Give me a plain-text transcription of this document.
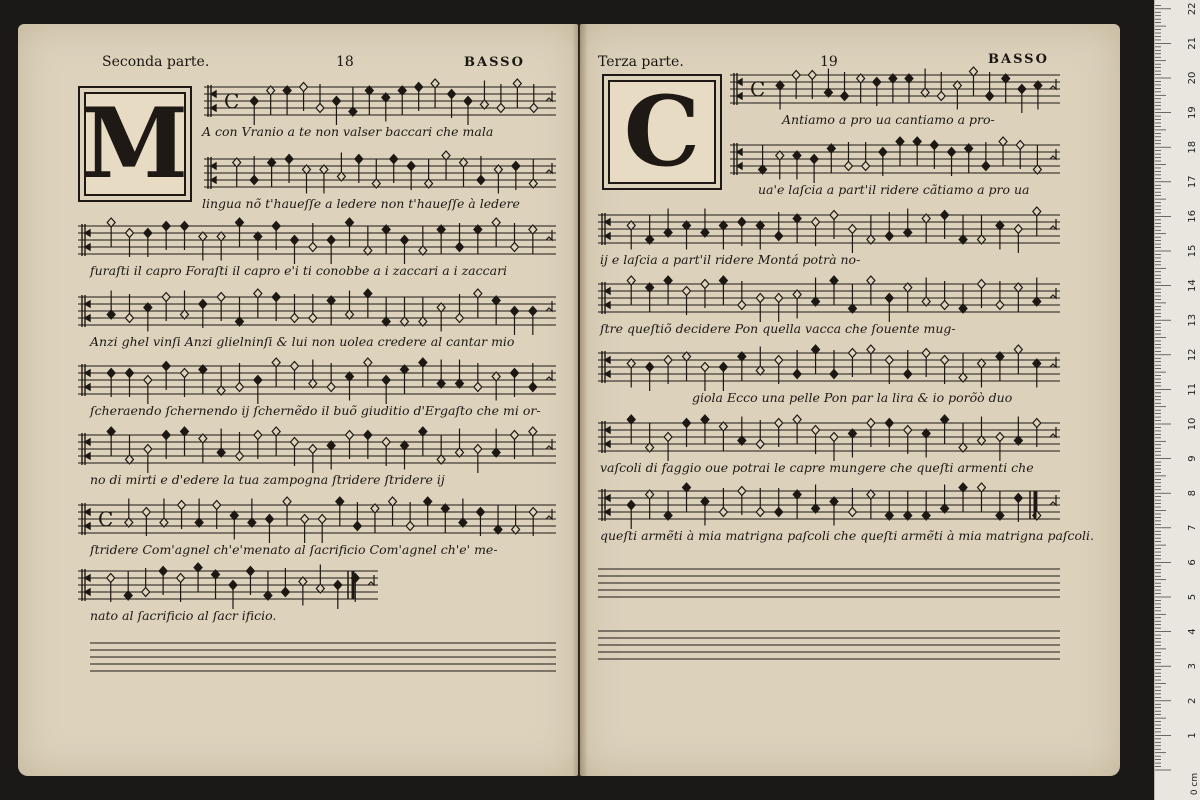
1
2
3
4
5
6
7
8
9
10
11
12
13
14
15
16
17
18
19
20
21
22
0 cm
Seconda parte.	18	BASSO
M C
A con Vranio a te non valser baccari che mala
lingua nõ t'haueſſe a ledere non t'haueſſe à ledere
furaſti il capro Foraſti il capro e'i ti conobbe a i zaccari a i zaccari
Anzi ghel vinſi Anzi glielninſi & lui non uolea credere al cantar mio
ſcheraendo ſchernendo ij ſchernẽdo il buõ giuditio d'Ergaſto che mi or-
no di mirti e d'edere la tua zampogna ſtridere ſtridere ij
C
ſtridere Com'agnel ch'e'menato al ſacrificio Com'agnel ch'e' me-
nato al ſacrificio al ſacr ificio.
Terza parte.	19	BASSO
C C
Antiamo a pro ua cantiamo a pro-
ua'e laſcia a part'il ridere cãtiamo a pro ua
ij e laſcia a part'il ridere Montá potrà no-
ſtre queſtiõ decidere Pon quella vacca che ſouente mug-
giola Ecco una pelle Pon par la lira & io porõò duo
vaſcoli di faggio oue potrai le capre mungere che queſti armenti che
queſti armẽti à mia matrigna paſcoli che queſti armẽti à mia matrigna paſcoli.
